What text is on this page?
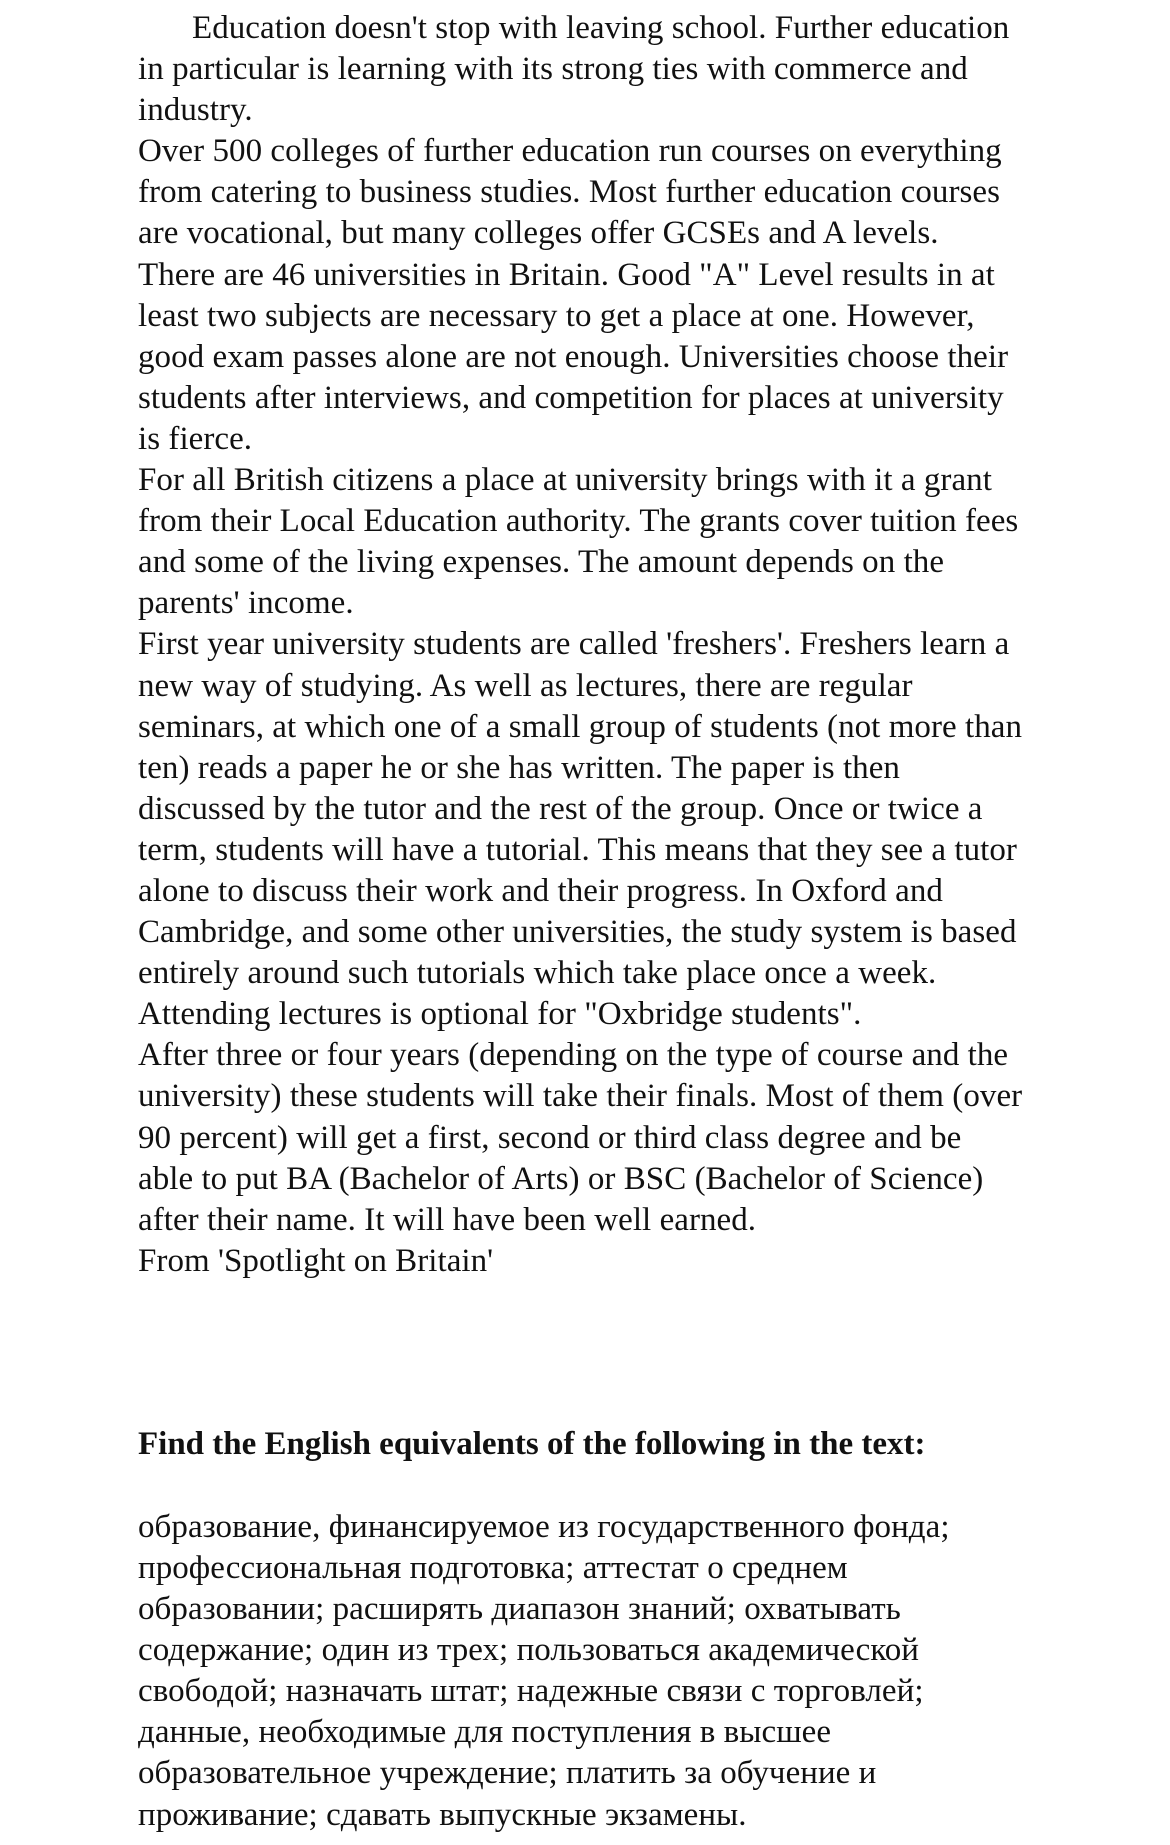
Education doesn't stop with leaving school. Further education
in particular is learning with its strong ties with commerce and
industry.
Over 500 colleges of further education run courses on everything
from catering to business studies. Most further education courses
are vocational, but many colleges offer GCSEs and A levels.
There are 46 universities in Britain. Good "A" Level results in at
least two subjects are necessary to get a place at one. However,
good exam passes alone are not enough. Universities choose their
students after interviews, and competition for places at university
is fierce.
For all British citizens a place at university brings with it a grant
from their Local Education authority. The grants cover tuition fees
and some of the living expenses. The amount depends on the
parents' income.
First year university students are called 'freshers'. Freshers learn a
new way of studying. As well as lectures, there are regular
seminars, at which one of a small group of students (not more than
ten) reads a paper he or she has written. The paper is then
discussed by the tutor and the rest of the group. Once or twice a
term, students will have a tutorial. This means that they see a tutor
alone to discuss their work and their progress. In Oxford and
Cambridge, and some other universities, the study system is based
entirely around such tutorials which take place once a week.
Attending lectures is optional for "Oxbridge students".
After three or four years (depending on the type of course and the
university) these students will take their finals. Most of them (over
90 percent) will get a first, second or third class degree and be
able to put BA (Bachelor of Arts) or BSC (Bachelor of Science)
after their name. It will have been well earned.
From 'Spotlight on Britain'
Find the English equivalents of the following in the text:
образование, финансируемое из государственного фонда;
профессиональная подготовка; аттестат о среднем
образовании; расширять диапазон знаний; охватывать
содержание; один из трех; пользоваться академической
свободой; назначать штат; надежные связи с торговлей;
данные, необходимые для поступления в высшее
образовательное учреждение; платить за обучение и
проживание; сдавать выпускные экзамены.
